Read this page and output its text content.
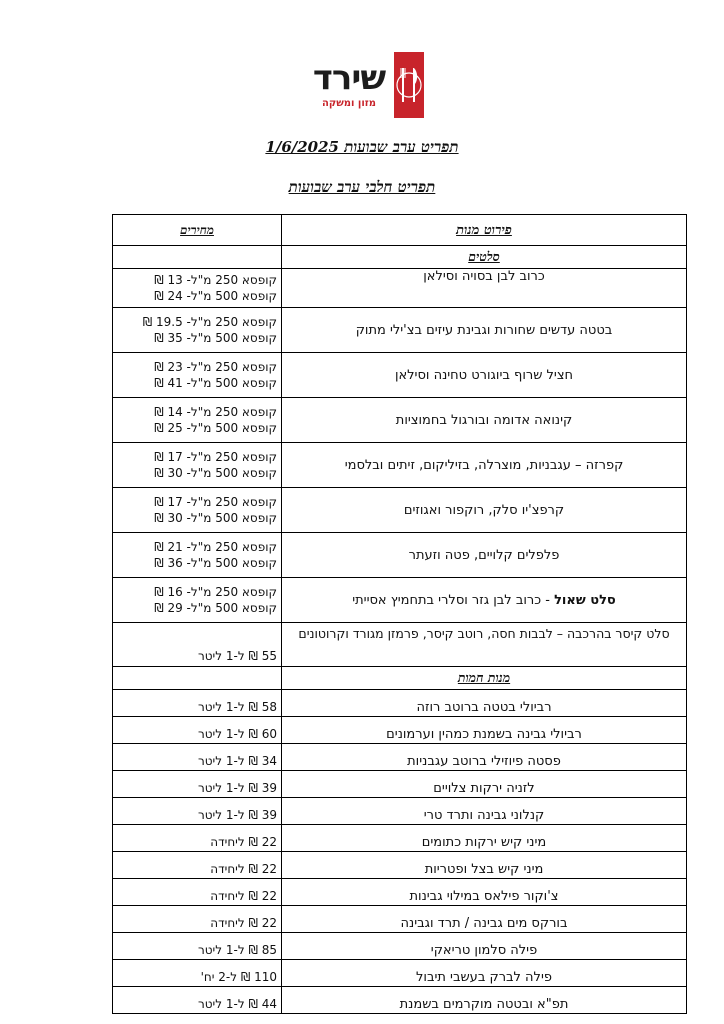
שירד
מזון ומשקה
תפריט ערב שבועות 1/6/2025
תפריט חלבי ערב שבועות
פירוט מנות	מחירים
סלטים	
כרוב לבן בסויה וסילאן	קופסא 250 מ"ל- 13 ₪
קופסא 500 מ"ל- 24 ₪

בטטה עדשים שחורות וגבינת עיזים בצ'ילי מתוק	קופסא 250 מ"ל- 19.5 ₪
קופסא 500 מ"ל- 35 ₪

חציל שרוף ביוגורט טחינה וסילאן	קופסא 250 מ"ל- 23 ₪
קופסא 500 מ"ל- 41 ₪

קינואה אדומה ובורגול בחמוציות	קופסא 250 מ"ל- 14 ₪
קופסא 500 מ"ל- 25 ₪

קפרזה – עגבניות, מוצרלה, בזיליקום, זיתים ובלסמי	קופסא 250 מ"ל- 17 ₪
קופסא 500 מ"ל- 30 ₪

קרפצ'יו סלק, רוקפור ואגוזים	קופסא 250 מ"ל- 17 ₪
קופסא 500 מ"ל- 30 ₪

פלפלים קלויים, פטה וזעתר	קופסא 250 מ"ל- 21 ₪
קופסא 500 מ"ל- 36 ₪

סלט שאול - כרוב לבן גזר וסלרי בתחמיץ אסייתי	קופסא 250 מ"ל- 16 ₪
קופסא 500 מ"ל- 29 ₪

סלט קיסר בהרכבה – לבבות חסה, רוטב קיסר, פרמזן מגורד וקרוטונים	55 ₪ ל-1 ליטר
מנות חמות	
רביולי בטטה ברוטב רוזה	58 ₪ ל-1 ליטר
רביולי גבינה בשמנת כמהין וערמונים	60 ₪ ל-1 ליטר
פסטה פיוזילי ברוטב עגבניות	34 ₪ ל-1 ליטר
לזניה ירקות צלויים	39 ₪ ל-1 ליטר
קנלוני גבינה ותרד טרי	39 ₪ ל-1 ליטר
מיני קיש ירקות כתומים	22 ₪ ליחידה
מיני קיש בצל ופטריות	22 ₪ ליחידה
צ'וקור פילאס במילוי גבינות	22 ₪ ליחידה
בורקס מים גבינה / תרד וגבינה	22 ₪ ליחידה
פילה סלמון טריאקי	85 ₪ ל-1 ליטר
פילה לברק בעשבי תיבול	110 ₪ ל-2 יח'
תפ"א ובטטה מוקרמים בשמנת	44 ₪ ל-1 ליטר
